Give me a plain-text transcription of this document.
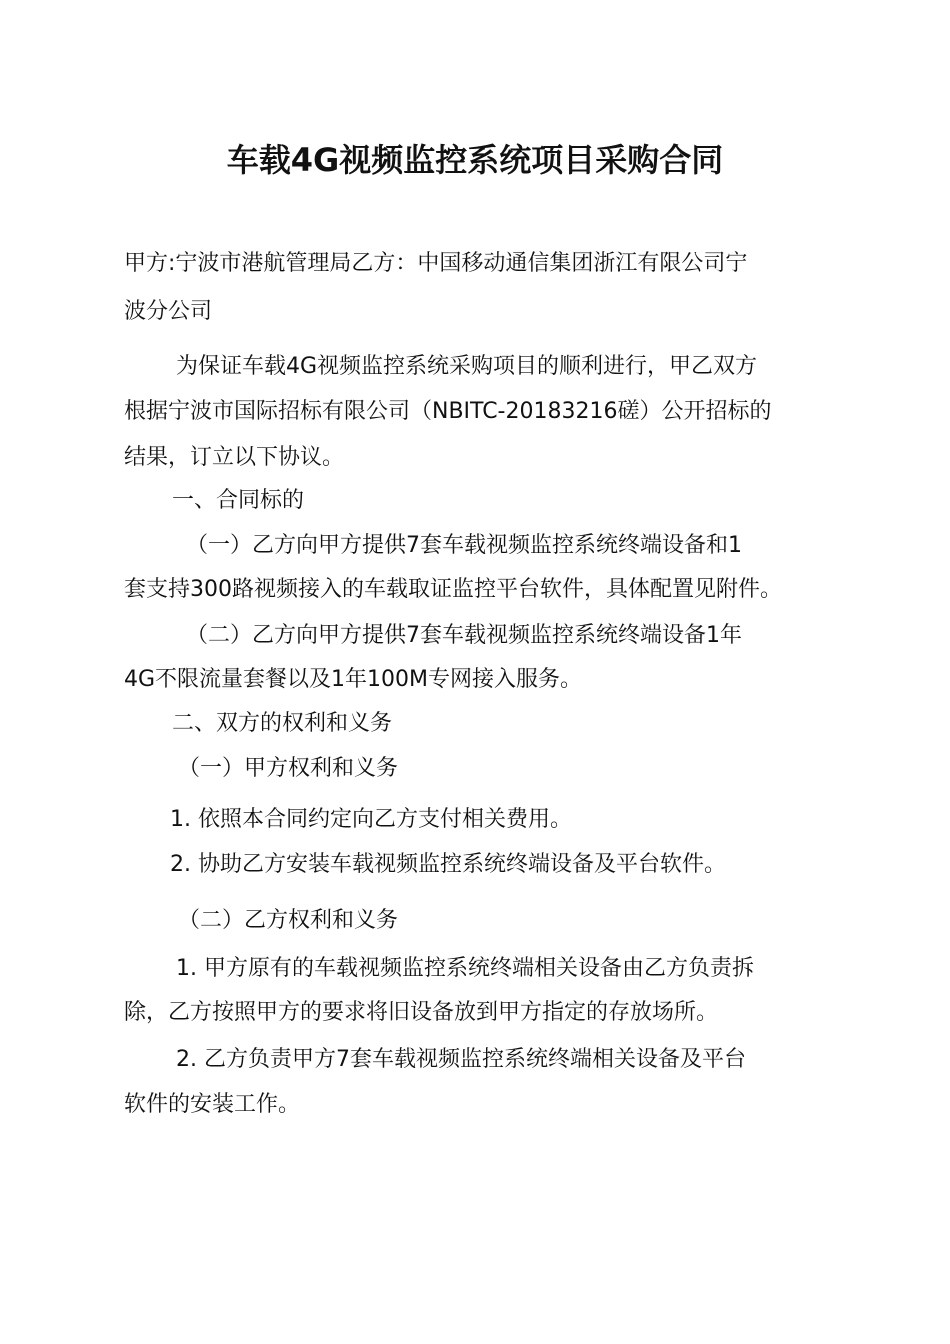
车载4G视频监控系统项目采购合同
甲方:宁波市港航管理局乙方：中国移动通信集团浙江有限公司宁
波分公司
为保证车载4G视频监控系统采购项目的顺利进行，甲乙双方
根据宁波市国际招标有限公司（NBITC-20183216磋）公开招标的
结果，订立以下协议。
一、合同标的
（一）乙方向甲方提供7套车载视频监控系统终端设备和1
套支持300路视频接入的车载取证监控平台软件，具体配置见附件。
（二）乙方向甲方提供7套车载视频监控系统终端设备1年
4G不限流量套餐以及1年100M专网接入服务。
二、双方的权利和义务
（一）甲方权利和义务
1. 依照本合同约定向乙方支付相关费用。
2. 协助乙方安装车载视频监控系统终端设备及平台软件。
（二）乙方权利和义务
1. 甲方原有的车载视频监控系统终端相关设备由乙方负责拆
除，乙方按照甲方的要求将旧设备放到甲方指定的存放场所。
2. 乙方负责甲方7套车载视频监控系统终端相关设备及平台
软件的安装工作。
